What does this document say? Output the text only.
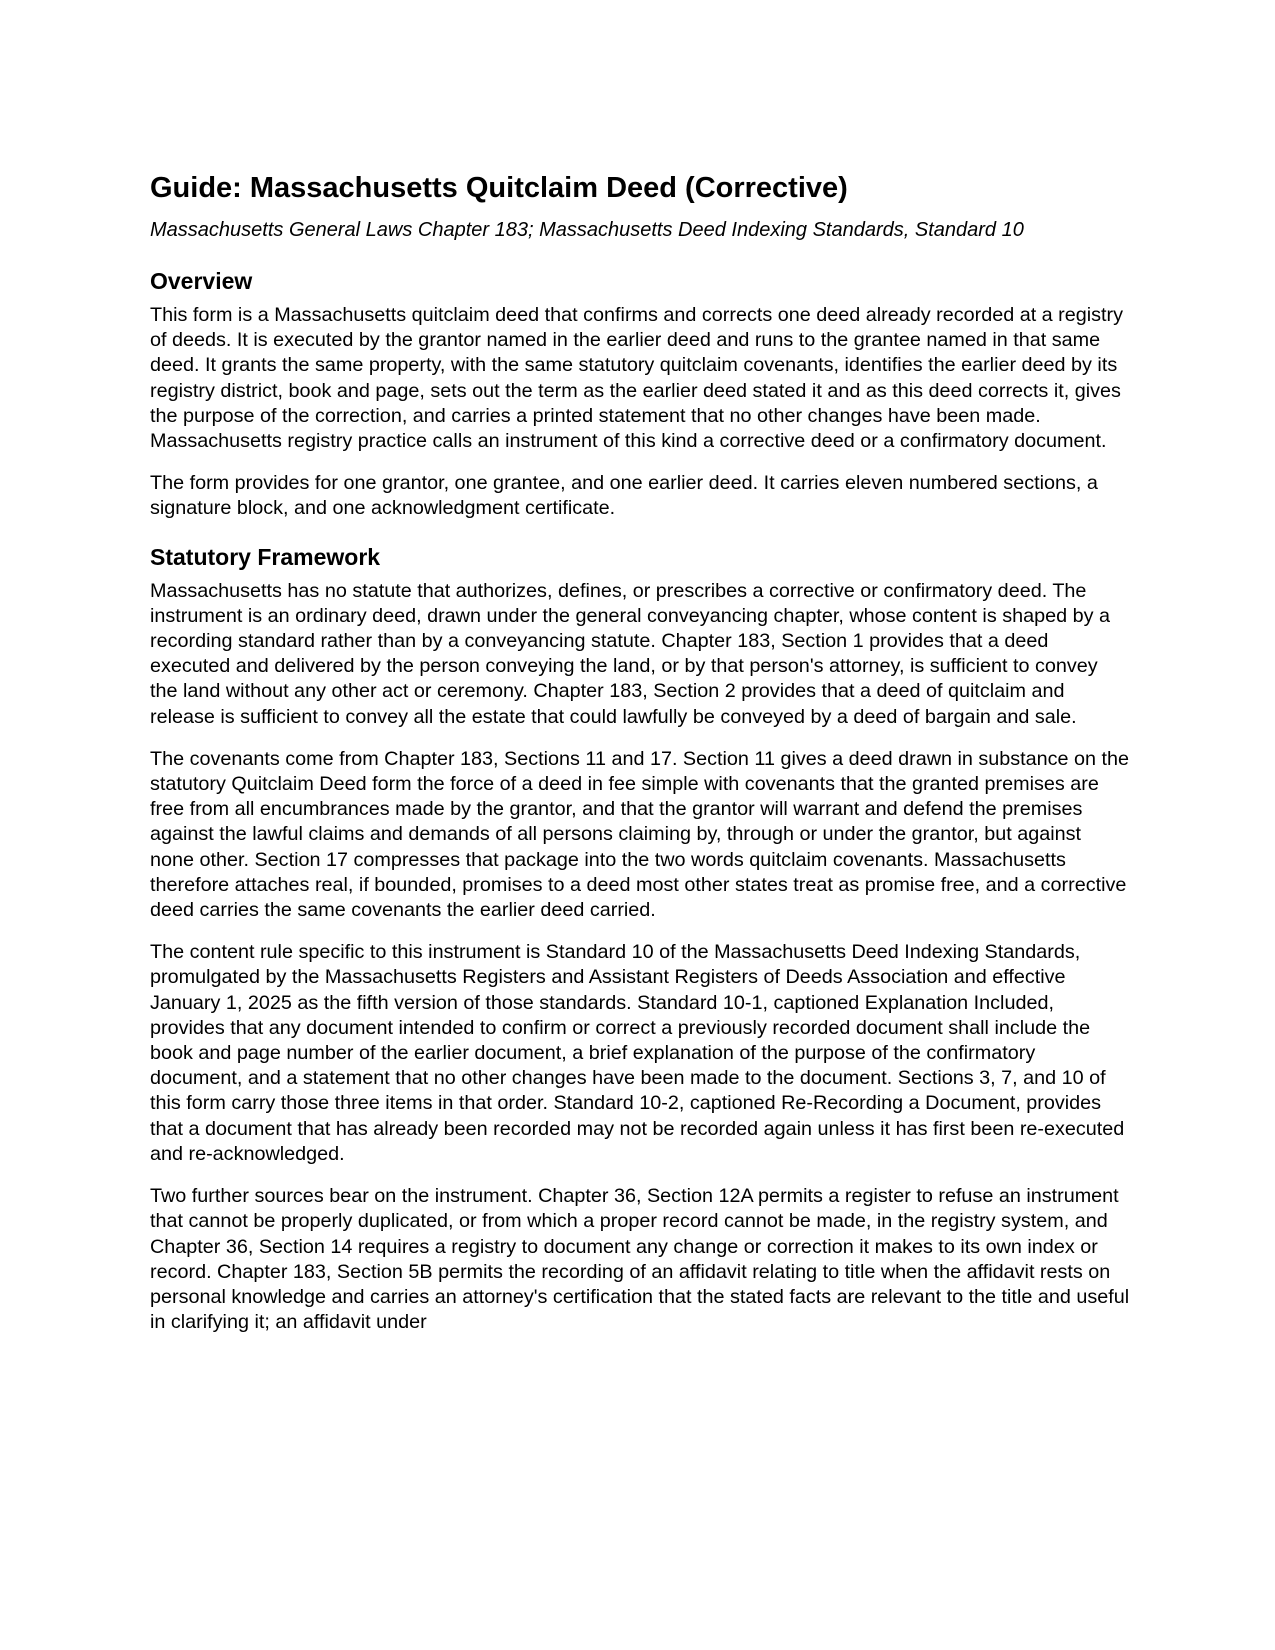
Guide: Massachusetts Quitclaim Deed (Corrective)
Massachusetts General Laws Chapter 183; Massachusetts Deed Indexing Standards, Standard 10
Overview

This form is a Massachusetts quitclaim deed that confirms and corrects one deed already recorded at a registry of deeds. It is executed by the grantor named in the earlier deed and runs to the grantee named in that same deed. It grants the same property, with the same statutory quitclaim covenants, identifies the earlier deed by its registry district, book and page, sets out the term as the earlier deed stated it and as this deed corrects it, gives the purpose of the correction, and carries a printed statement that no other changes have been made. Massachusetts registry practice calls an instrument of this kind a corrective deed or a confirmatory document.

The form provides for one grantor, one grantee, and one earlier deed. It carries eleven numbered sections, a signature block, and one acknowledgment certificate.

Statutory Framework

Massachusetts has no statute that authorizes, defines, or prescribes a corrective or confirmatory deed. The instrument is an ordinary deed, drawn under the general conveyancing chapter, whose content is shaped by a recording standard rather than by a conveyancing statute. Chapter 183, Section 1 provides that a deed executed and delivered by the person conveying the land, or by that person's attorney, is sufficient to convey the land without any other act or ceremony. Chapter 183, Section 2 provides that a deed of quitclaim and release is sufficient to convey all the estate that could lawfully be conveyed by a deed of bargain and sale.

The covenants come from Chapter 183, Sections 11 and 17. Section 11 gives a deed drawn in substance on the statutory Quitclaim Deed form the force of a deed in fee simple with covenants that the granted premises are free from all encumbrances made by the grantor, and that the grantor will warrant and defend the premises against the lawful claims and demands of all persons claiming by, through or under the grantor, but against none other. Section 17 compresses that package into the two words quitclaim covenants. Massachusetts therefore attaches real, if bounded, promises to a deed most other states treat as promise free, and a corrective deed carries the same covenants the earlier deed carried.

The content rule specific to this instrument is Standard 10 of the Massachusetts Deed Indexing Standards, promulgated by the Massachusetts Registers and Assistant Registers of Deeds Association and effective January 1, 2025 as the fifth version of those standards. Standard 10-1, captioned Explanation Included, provides that any document intended to confirm or correct a previously recorded document shall include the book and page number of the earlier document, a brief explanation of the purpose of the confirmatory document, and a statement that no other changes have been made to the document. Sections 3, 7, and 10 of this form carry those three items in that order. Standard 10-2, captioned Re-Recording a Document, provides that a document that has already been recorded may not be recorded again unless it has first been re-executed and re-acknowledged.

Two further sources bear on the instrument. Chapter 36, Section 12A permits a register to refuse an instrument that cannot be properly duplicated, or from which a proper record cannot be made, in the registry system, and Chapter 36, Section 14 requires a registry to document any change or correction it makes to its own index or record. Chapter 183, Section 5B permits the recording of an affidavit relating to title when the affidavit rests on personal knowledge and carries an attorney's certification that the stated facts are relevant to the title and useful in clarifying it; an affidavit under
